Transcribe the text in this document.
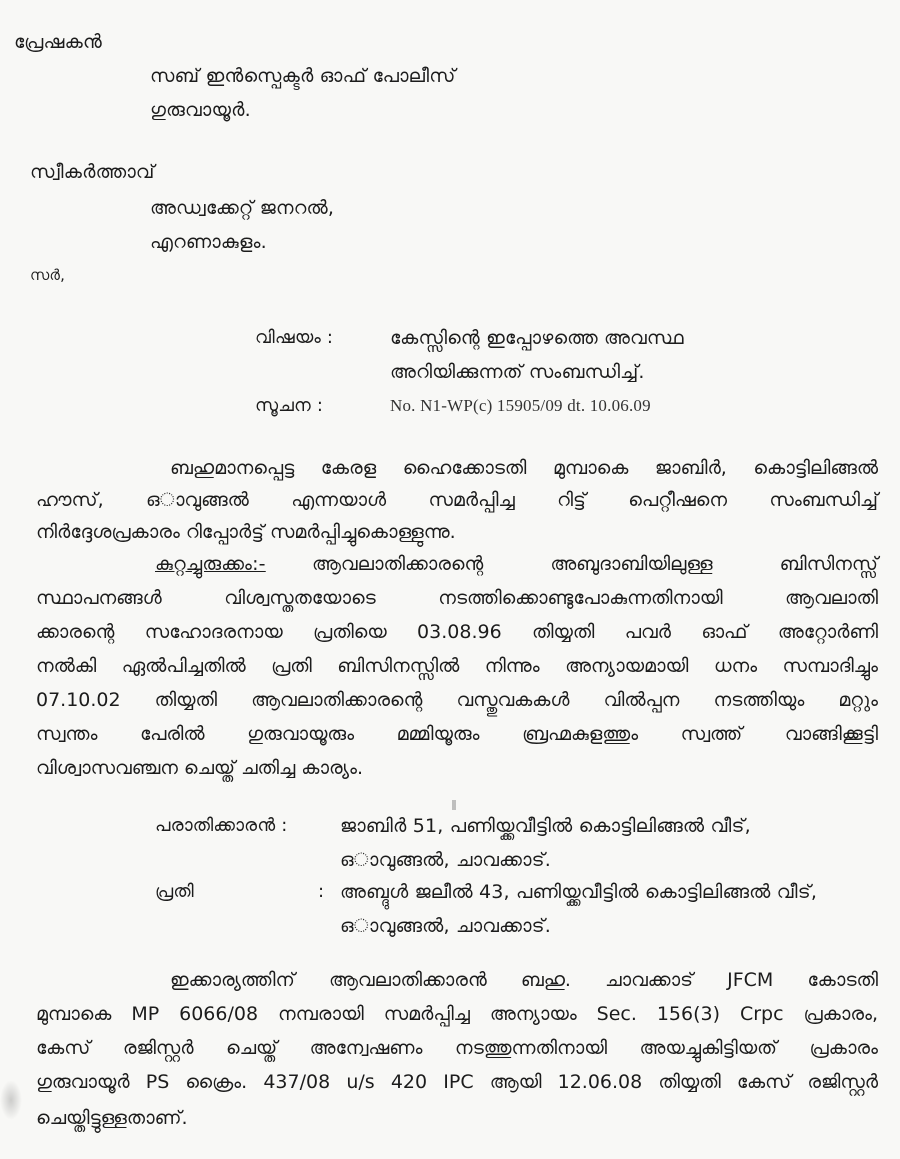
പ്രേഷകൻ
സബ് ഇൻസ്പെക്ടർ ഓഫ് പോലീസ്
ഗുരുവായൂർ.
സ്വീകർത്താവ്
അഡ്വക്കേറ്റ് ജനറൽ,
എറണാകുളം.
സർ,
വിഷയം :	കേസ്സിന്റെ ഇപ്പോഴത്തെ അവസ്ഥ
അറിയിക്കുന്നത് സംബന്ധിച്ച്.
സൂചന :	No. N1-WP(c) 15905/09 dt. 10.06.09
ബഹുമാനപ്പെട്ട കേരള ഹൈക്കോടതി മുമ്പാകെ ജാബിർ, കൊട്ടിലിങ്ങൽ
ഹൗസ്, ഒാവുങ്ങൽ എന്നയാൾ സമർപ്പിച്ച റിട്ട് പെറ്റീഷനെ സംബന്ധിച്ച്
നിർദ്ദേശപ്രകാരം റിപ്പോർട്ട് സമർപ്പിച്ചുകൊള്ളുന്നു.
കുറ്റച്ചുരുക്കം:- ആവലാതിക്കാരന്റെ അബുദാബിയിലുള്ള ബിസിനസ്സ്
സ്ഥാപനങ്ങൾ വിശ്വസ്തതയോടെ നടത്തിക്കൊണ്ടുപോകുന്നതിനായി ആവലാതി
ക്കാരന്റെ സഹോദരനായ പ്രതിയെ 03.08.96 തിയ്യതി പവർ ഓഫ് അറ്റോർണി
നൽകി ഏൽപിച്ചതിൽ പ്രതി ബിസിനസ്സിൽ നിന്നും അന്യായമായി ധനം സമ്പാദിച്ചും
07.10.02 തിയ്യതി ആവലാതിക്കാരന്റെ വസ്തുവകകൾ വിൽപ്പന നടത്തിയും മറ്റും
സ്വന്തം പേരിൽ ഗുരുവായൂരും മമ്മിയൂരും ബ്രഹ്മകുളത്തും സ്വത്ത് വാങ്ങിക്കൂട്ടി
വിശ്വാസവഞ്ചന ചെയ്ത് ചതിച്ച കാര്യം.
പരാതിക്കാരൻ :	ജാബിർ 51, പണിയ്ക്കവീട്ടിൽ കൊട്ടിലിങ്ങൽ വീട്,
ഒാവുങ്ങൽ, ചാവക്കാട്.
പ്രതി	: അബ്ദുൾ ജലീൽ 43, പണിയ്ക്കവീട്ടിൽ കൊട്ടിലിങ്ങൽ വീട്,
ഒാവുങ്ങൽ, ചാവക്കാട്.
ഇക്കാര്യത്തിന് ആവലാതിക്കാരൻ ബഹു. ചാവക്കാട് JFCM കോടതി
മുമ്പാകെ MP 6066/08 നമ്പരായി സമർപ്പിച്ച അന്യായം Sec. 156(3) Crpc പ്രകാരം,
കേസ് രജിസ്റ്റർ ചെയ്ത് അന്വേഷണം നടത്തുന്നതിനായി അയച്ചുകിട്ടിയത് പ്രകാരം
ഗുരുവായൂർ PS ക്രൈം. 437/08 u/s 420 IPC ആയി 12.06.08 തിയ്യതി കേസ് രജിസ്റ്റർ
ചെയ്തിട്ടുള്ളതാണ്.
